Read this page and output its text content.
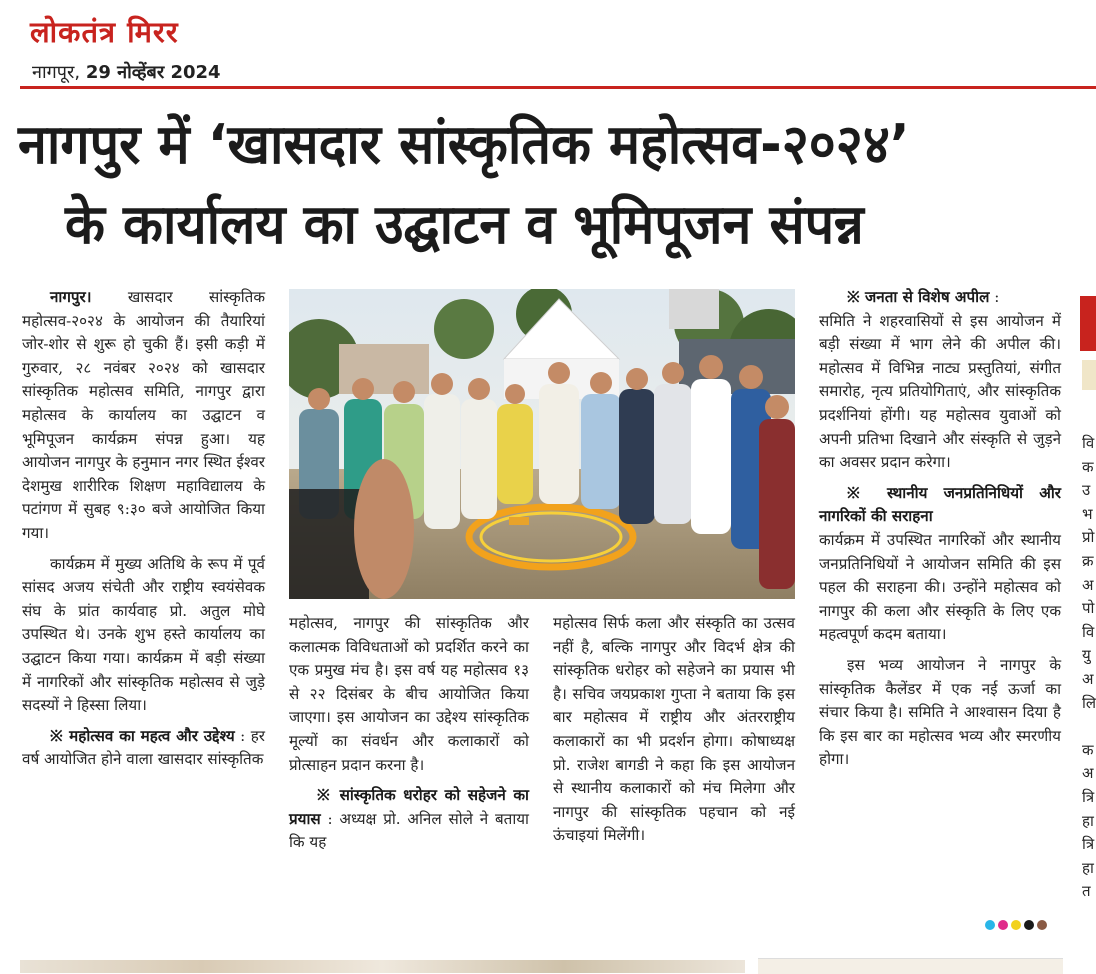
लोकतंत्र मिरर
नागपूर, 29 नोव्हेंबर 2024
नागपुर में ‘खासदार सांस्कृतिक महोत्सव-२०२४’
के कार्यालय का उद्घाटन व भूमिपूजन संपन्न

नागपुर। खासदार सांस्कृतिक महोत्सव-२०२४ के आयोजन की तैयारियां जोर-शोर से शुरू हो चुकी हैं। इसी कड़ी में गुरुवार, २८ नवंबर २०२४ को खासदार सांस्कृतिक महोत्सव समिति, नागपुर द्वारा महोत्सव के कार्यालय का उद्घाटन व भूमिपूजन कार्यक्रम संपन्न हुआ। यह आयोजन नागपुर के हनुमान नगर स्थित ईश्वर देशमुख शारीरिक शिक्षण महाविद्यालय के पटांगण में सुबह ९:३० बजे आयोजित किया गया।

कार्यक्रम में मुख्य अतिथि के रूप में पूर्व सांसद अजय संचेती और राष्ट्रीय स्वयंसेवक संघ के प्रांत कार्यवाह प्रो. अतुल मोघे उपस्थित थे। उनके शुभ हस्ते कार्यालय का उद्घाटन किया गया। कार्यक्रम में बड़ी संख्या में नागरिकों और सांस्कृतिक महोत्सव से जुड़े सदस्यों ने हिस्सा लिया।

※ महोत्सव का महत्व और उद्देश्य : हर वर्ष आयोजित होने वाला खासदार सांस्कृतिक

महोत्सव, नागपुर की सांस्कृतिक और कलात्मक विविधताओं को प्रदर्शित करने का एक प्रमुख मंच है। इस वर्ष यह महोत्सव १३ से २२ दिसंबर के बीच आयोजित किया जाएगा। इस आयोजन का उद्देश्य सांस्कृतिक मूल्यों का संवर्धन और कलाकारों को प्रोत्साहन प्रदान करना है।

※ सांस्कृतिक धरोहर को सहेजने का प्रयास : अध्यक्ष प्रो. अनिल सोले ने बताया कि यह

महोत्सव सिर्फ कला और संस्कृति का उत्सव नहीं है, बल्कि नागपुर और विदर्भ क्षेत्र की सांस्कृतिक धरोहर को सहेजने का प्रयास भी है। सचिव जयप्रकाश गुप्ता ने बताया कि इस बार महोत्सव में राष्ट्रीय और अंतरराष्ट्रीय कलाकारों का भी प्रदर्शन होगा। कोषाध्यक्ष प्रो. राजेश बागडी ने कहा कि इस आयोजन से स्थानीय कलाकारों को मंच मिलेगा और नागपुर की सांस्कृतिक पहचान को नई ऊंचाइयां मिलेंगी।

※ जनता से विशेष अपील :

समिति ने शहरवासियों से इस आयोजन में बड़ी संख्या में भाग लेने की अपील की। महोत्सव में विभिन्न नाट्य प्रस्तुतियां, संगीत समारोह, नृत्य प्रतियोगिताएं, और सांस्कृतिक प्रदर्शनियां होंगी। यह महोत्सव युवाओं को अपनी प्रतिभा दिखाने और संस्कृति से जुड़ने का अवसर प्रदान करेगा।

※ स्थानीय जनप्रतिनिधियों और नागरिकों की सराहना

कार्यक्रम में उपस्थित नागरिकों और स्थानीय जनप्रतिनिधियों ने आयोजन समिति की इस पहल की सराहना की। उन्होंने महोत्सव को नागपुर की कला और संस्कृति के लिए एक महत्वपूर्ण कदम बताया।

इस भव्य आयोजन ने नागपुर के सांस्कृतिक कैलेंडर में एक नई ऊर्जा का संचार किया है। समिति ने आश्वासन दिया है कि इस बार का महोत्सव भव्य और स्मरणीय होगा।

वि
क
उ
भ
प्रो
क्र
अ
पो
वि
यु
अ
लि

क
अ
त्रि
हा
त्रि
हा
त
